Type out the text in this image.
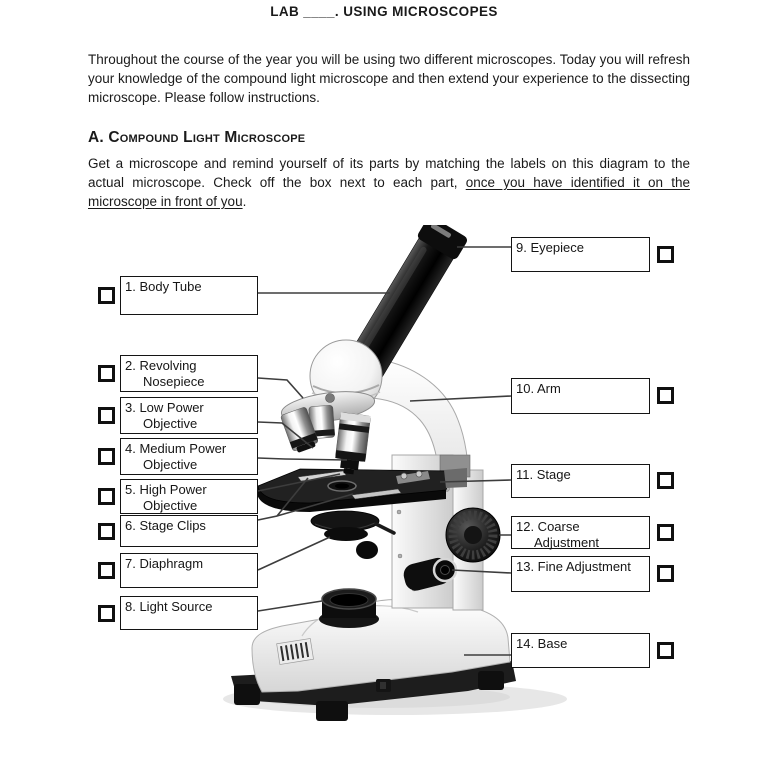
LAB ____. USING MICROSCOPES

Throughout the course of the year you will be using two different microscopes. Today you will refresh your knowledge of the compound light microscope and then extend your experience to the dissecting microscope. Please follow instructions.

A. Compound Light Microscope

Get a microscope and remind yourself of its parts by matching the labels on this diagram to the actual microscope. Check off the box next to each part, once you have identified it on the microscope in front of you.

1. Body Tube
2. Revolving Nosepiece
3. Low Power Objective
4. Medium Power Objective
5. High Power Objective
6. Stage Clips
7. Diaphragm
8. Light Source
9. Eyepiece
10. Arm
11. Stage
12. Coarse Adjustment
13. Fine Adjustment
14. Base
